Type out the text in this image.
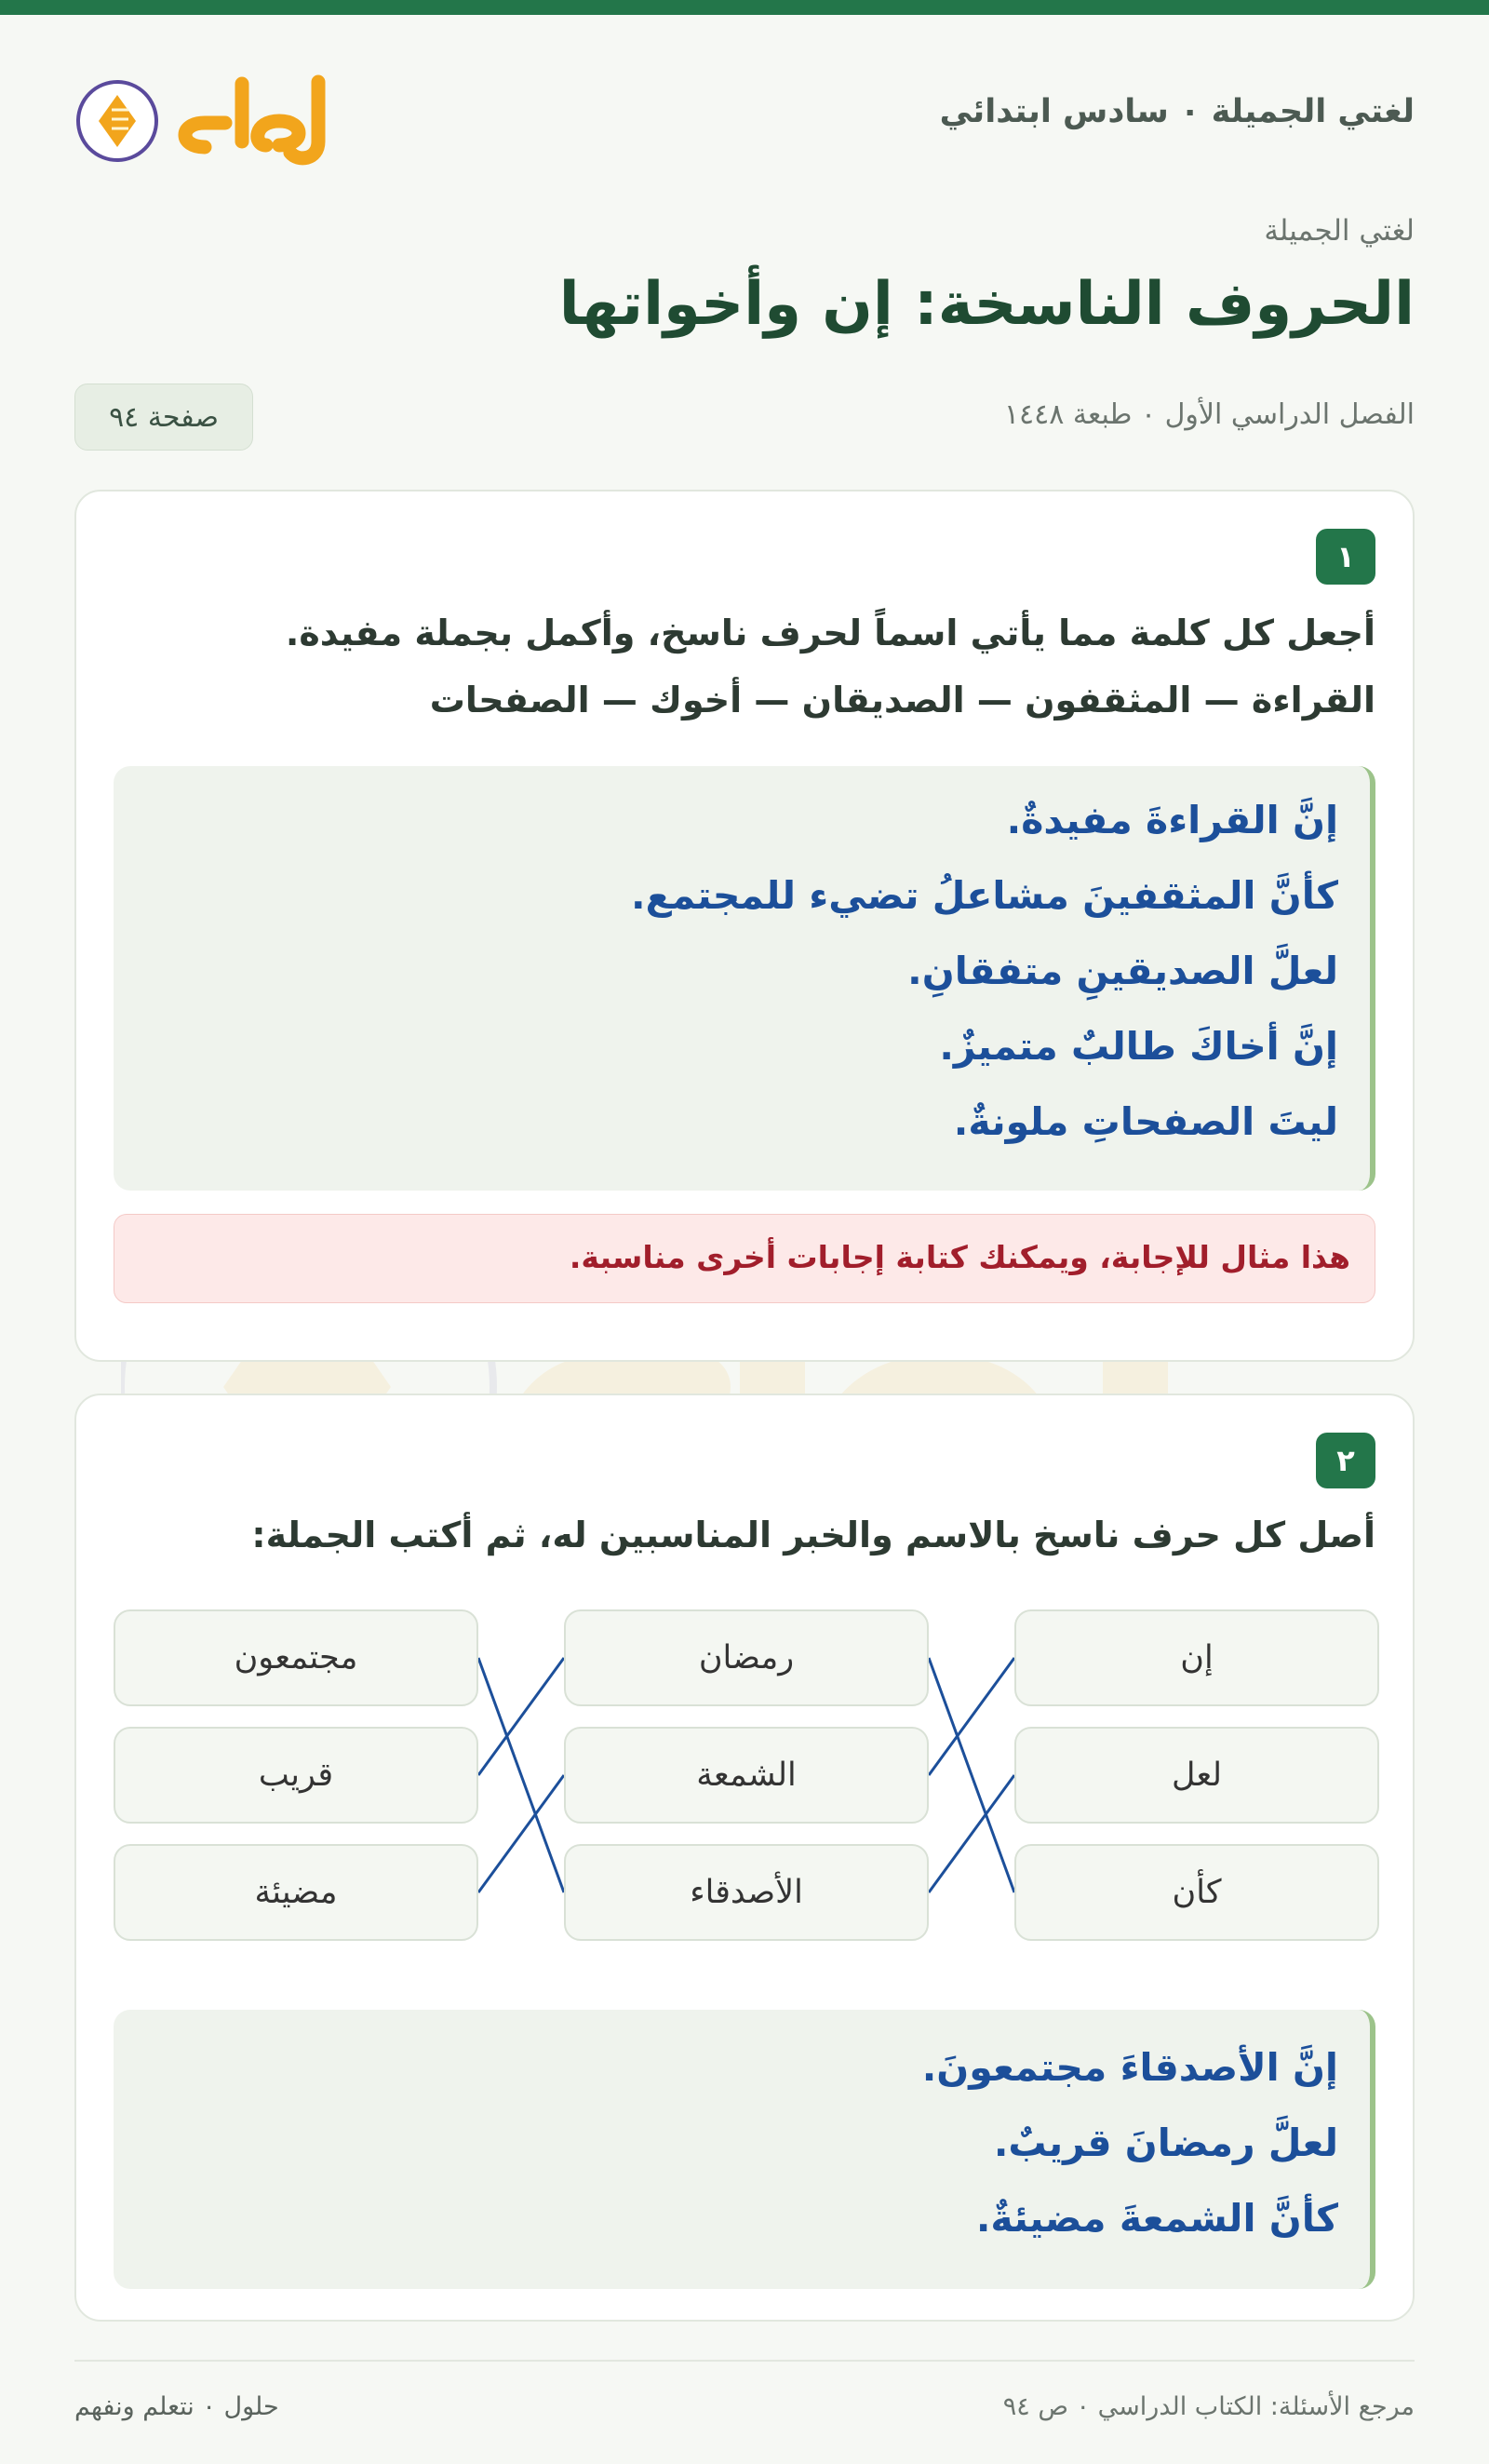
لغتي الجميلة ٠ سادس ابتدائي
لغتي الجميلة
الحروف الناسخة: إن وأخواتها
الفصل الدراسي الأول ٠ طبعة ١٤٤٨
صفحة ٩٤
١

أجعل كل كلمة مما يأتي اسماً لحرف ناسخ، وأكمل بجملة مفيدة.

القراءة — المثقفون — الصديقان — أخوك — الصفحات

إنَّ القراءةَ مفيدةٌ.
كأنَّ المثقفينَ مشاعلُ تضيء للمجتمع.
لعلَّ الصديقينِ متفقانِ.
إنَّ أخاكَ طالبٌ متميزٌ.
ليتَ الصفحاتِ ملونةٌ.
هذا مثال للإجابة، ويمكنك كتابة إجابات أخرى مناسبة.
٢

أصل كل حرف ناسخ بالاسم والخبر المناسبين له، ثم أكتب الجملة:

إن
لعل
كأن
رمضان
الشمعة
الأصدقاء
مجتمعون
قريب
مضيئة
إنَّ الأصدقاءَ مجتمعونَ.
لعلَّ رمضانَ قريبٌ.
كأنَّ الشمعةَ مضيئةٌ.
مرجع الأسئلة: الكتاب الدراسي ٠ ص ٩٤
حلول ٠ نتعلم ونفهم
